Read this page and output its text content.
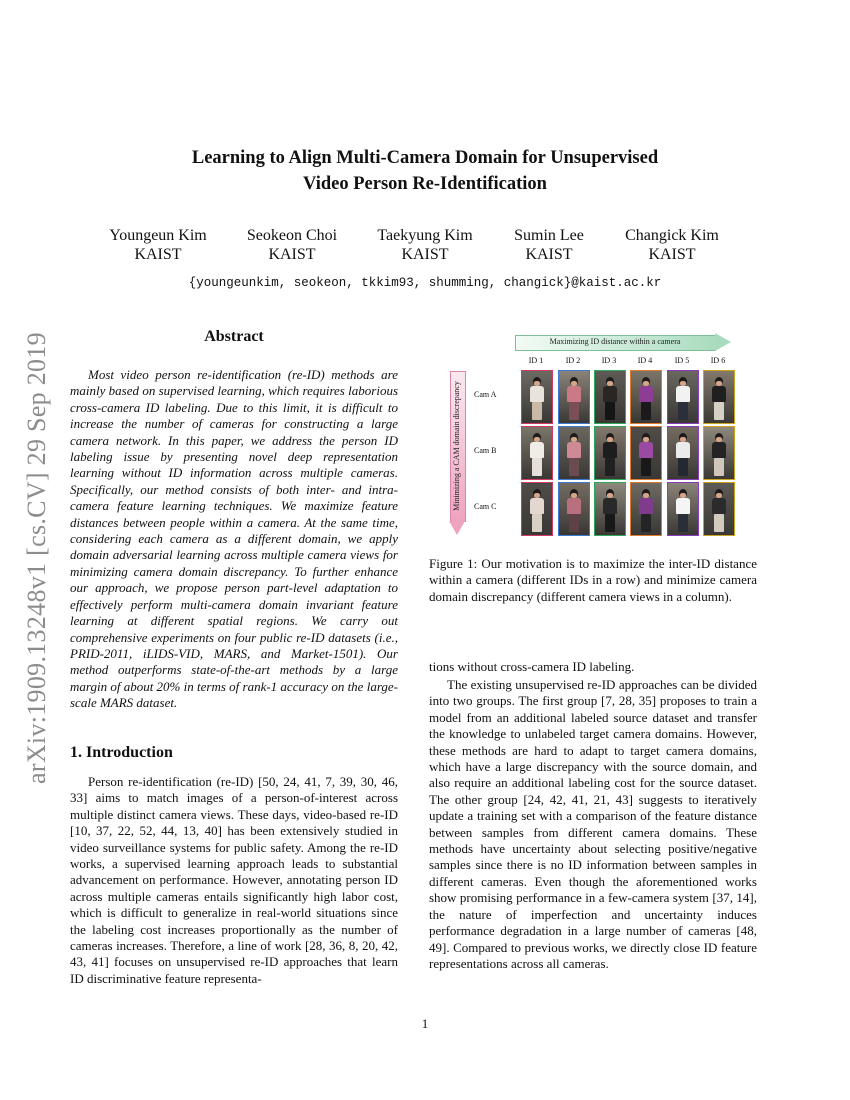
arXiv:1909.13248v1 [cs.CV] 29 Sep 2019
Learning to Align Multi-Camera Domain for Unsupervised
Video Person Re-Identification
Youngeun Kim
KAIST
Seokeon Choi
KAIST
Taekyung Kim
KAIST
Sumin Lee
KAIST
Changick Kim
KAIST
{youngeunkim, seokeon, tkkim93, shumming, changick}@kaist.ac.kr
Abstract
Most video person re-identification (re-ID) methods are mainly based on supervised learning, which requires laborious cross-camera ID labeling. Due to this limit, it is difficult to increase the number of cameras for constructing a large camera network. In this paper, we address the person ID labeling issue by presenting novel deep representation learning without ID information across multiple cameras. Specifically, our method consists of both inter- and intra-camera feature learning techniques. We maximize feature distances between people within a camera. At the same time, considering each camera as a different domain, we apply domain adversarial learning across multiple camera views for minimizing camera domain discrepancy. To further enhance our approach, we propose person part-level adaptation to effectively perform multi-camera domain invariant feature learning at different spatial regions. We carry out comprehensive experiments on four public re-ID datasets (i.e., PRID-2011, iLIDS-VID, MARS, and Market-1501). Our method outperforms state-of-the-art methods by a large margin of about 20% in terms of rank-1 accuracy on the large-scale MARS dataset.
1. Introduction
Person re-identification (re-ID) [50, 24, 41, 7, 39, 30, 46, 33] aims to match images of a person-of-interest across multiple distinct camera views. These days, video-based re-ID [10, 37, 22, 52, 44, 13, 40] has been extensively studied in video surveillance systems for public safety. Among the re-ID works, a supervised learning approach leads to substantial advancement on performance. However, annotating person ID across multiple cameras entails significantly high labor cost, which is difficult to generalize in real-world situations since the labeling cost increases proportionally as the number of cameras increases. Therefore, a line of work [28, 36, 8, 20, 42, 43, 41] focuses on unsupervised re-ID approaches that learn ID discriminative feature representa-
Maximizing ID distance within a camera
Minimizing a CAM domain discrepancy
ID 1	ID 2	ID 3	ID 4	ID 5	ID 6
Cam A
Cam B
Cam C
Figure 1: Our motivation is to maximize the inter-ID distance within a camera (different IDs in a row) and minimize camera domain discrepancy (different camera views in a column).
tions without cross-camera ID labeling.
The existing unsupervised re-ID approaches can be divided into two groups. The first group [7, 28, 35] proposes to train a model from an additional labeled source dataset and transfer the knowledge to unlabeled target camera domains. However, these methods are hard to adapt to target camera domains, which have a large discrepancy with the source domain, and also require an additional labeling cost for the source dataset. The other group [24, 42, 41, 21, 43] suggests to iteratively update a training set with a comparison of the feature distance between samples from different camera domains. These methods have uncertainty about selecting positive/negative samples since there is no ID information between samples in different cameras. Even though the aforementioned works show promising performance in a few-camera system [37, 14], the nature of imperfection and uncertainty induces performance degradation in a large number of cameras [48, 49]. Compared to previous works, we directly close ID feature representations across all cameras.
1
